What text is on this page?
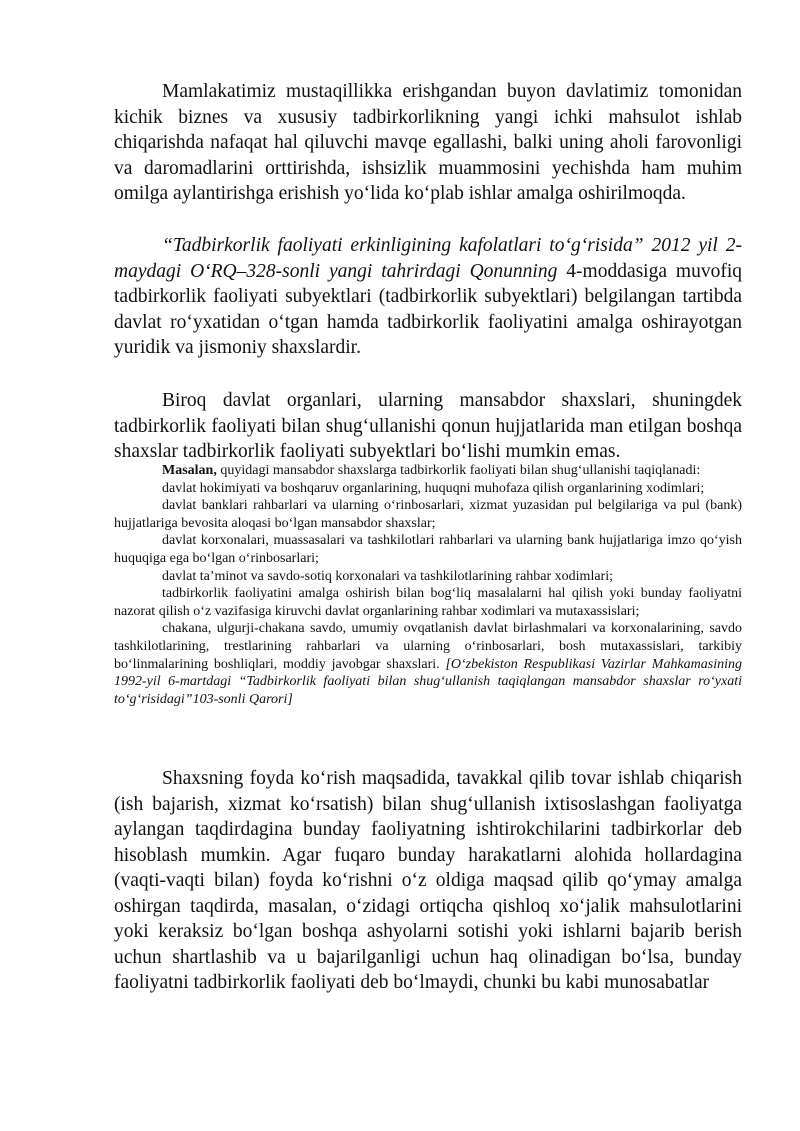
Mamlakatimiz mustaqillikka erishgandan buyon davlatimiz tomonidan kichik biznes va xususiy tadbirkorlikning yangi ichki mahsulot ishlab chiqarishda nafaqat hal qiluvchi mavqe egallashi, balki uning aholi farovonligi va daromadlarini orttirishda, ishsizlik muammosini yechishda ham muhim omilga aylantirishga erishish yo‘lida ko‘plab ishlar amalga oshirilmoqda.

“Tadbirkorlik faoliyati erkinligining kafolatlari to‘g‘risida” 2012 yil 2-maydagi O‘RQ–328-sonli yangi tahrirdagi Qonunning 4-moddasiga muvofiq tadbirkorlik faoliyati subyektlari (tadbirkorlik subyektlari) belgilangan tartibda davlat ro‘yxatidan o‘tgan hamda tadbirkorlik faoliyatini amalga oshirayotgan yuridik va jismoniy shaxslardir.

Biroq davlat organlari, ularning mansabdor shaxslari, shuningdek tadbirkorlik faoliyati bilan shug‘ullanishi qonun hujjatlarida man etilgan boshqa shaxslar tadbirkorlik faoliyati subyektlari bo‘lishi mumkin emas.

Masalan, quyidagi mansabdor shaxslarga tadbirkorlik faoliyati bilan shug‘ullanishi taqiqlanadi:

davlat hokimiyati va boshqaruv organlarining, huquqni muhofaza qilish organlarining xodimlari;

davlat banklari rahbarlari va ularning o‘rinbosarlari, xizmat yuzasidan pul belgilariga va pul (bank) hujjatlariga bevosita aloqasi bo‘lgan mansabdor shaxslar;

davlat korxonalari, muassasalari va tashkilotlari rahbarlari va ularning bank hujjatlariga imzo qo‘yish huquqiga ega bo‘lgan o‘rinbosarlari;

davlat ta’minot va savdo-sotiq korxonalari va tashkilotlarining rahbar xodimlari;

tadbirkorlik faoliyatini amalga oshirish bilan bog‘liq masalalarni hal qilish yoki bunday faoliyatni nazorat qilish o‘z vazifasiga kiruvchi davlat organlarining rahbar xodimlari va mutaxassislari;

chakana, ulgurji-chakana savdo, umumiy ovqatlanish davlat birlashmalari va korxonalarining, savdo tashkilotlarining, trestlarining rahbarlari va ularning o‘rinbosarlari, bosh mutaxassislari, tarkibiy bo‘linmalarining boshliqlari, moddiy javobgar shaxslari. [O‘zbekiston Respublikasi Vazirlar Mahkamasining 1992-yil 6-martdagi “Tadbirkorlik faoliyati bilan shug‘ullanish taqiqlangan mansabdor shaxslar ro‘yxati to‘g‘risidagi”103-sonli Qarori]

Shaxsning foyda ko‘rish maqsadida, tavakkal qilib tovar ishlab chiqarish (ish bajarish, xizmat ko‘rsatish) bilan shug‘ullanish ixtisoslashgan faoliyatga aylangan taqdirdagina bunday faoliyatning ishtirokchilarini tadbirkorlar deb hisoblash mumkin. Agar fuqaro bunday harakatlarni alohida hollardagina (vaqti-vaqti bilan) foyda ko‘rishni o‘z oldiga maqsad qilib qo‘ymay amalga oshirgan taqdirda, masalan, o‘zidagi ortiqcha qishloq xo‘jalik mahsulotlarini yoki keraksiz bo‘lgan boshqa ashyolarni sotishi yoki ishlarni bajarib berish uchun shartlashib va u bajarilganligi uchun haq olinadigan bo‘lsa, bunday faoliyatni tadbirkorlik faoliyati deb bo‘lmaydi, chunki bu kabi munosabatlar
